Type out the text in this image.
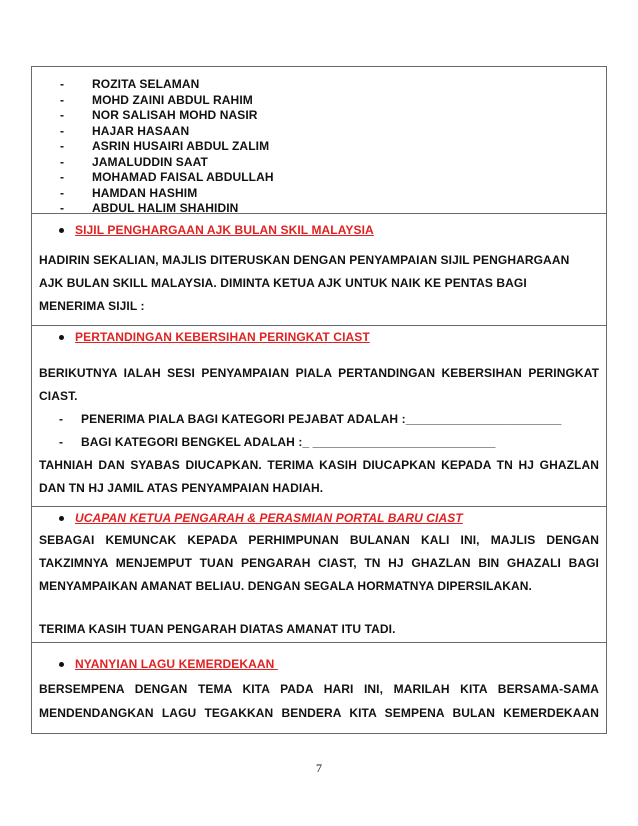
- ROZITA SELAMAN
- MOHD ZAINI ABDUL RAHIM
- NOR SALISAH MOHD NASIR
- HAJAR HASAAN
- ASRIN HUSAIRI ABDUL ZALIM
- JAMALUDDIN SAAT
- MOHAMAD FAISAL ABDULLAH
- HAMDAN HASHIM
- ABDUL HALIM SHAHIDIN
SIJIL PENGHARGAAN AJK BULAN SKIL MALAYSIA

HADIRIN SEKALIAN, MAJLIS DITERUSKAN DENGAN PENYAMPAIAN SIJIL PENGHARGAAN

AJK BULAN SKILL MALAYSIA. DIMINTA KETUA AJK UNTUK NAIK KE PENTAS BAGI

MENERIMA SIJIL :

PERTANDINGAN KEBERSIHAN PERINGKAT CIAST

BERIKUTNYA IALAH SESI PENYAMPAIAN PIALA PERTANDINGAN KEBERSIHAN PERINGKAT

CIAST.

- PENERIMA PIALA BAGI KATEGORI PEJABAT ADALAH :_______________________
- BAGI KATEGORI BENGKEL ADALAH :_ ___________________________

TAHNIAH DAN SYABAS DIUCAPKAN. TERIMA KASIH DIUCAPKAN KEPADA TN HJ GHAZLAN

DAN TN HJ JAMIL ATAS PENYAMPAIAN HADIAH.

UCAPAN KETUA PENGARAH & PERASMIAN PORTAL BARU CIAST

SEBAGAI KEMUNCAK KEPADA PERHIMPUNAN BULANAN KALI INI, MAJLIS DENGAN

TAKZIMNYA MENJEMPUT TUAN PENGARAH CIAST, TN HJ GHAZLAN BIN GHAZALI BAGI

MENYAMPAIKAN AMANAT BELIAU. DENGAN SEGALA HORMATNYA DIPERSILAKAN.

TERIMA KASIH TUAN PENGARAH DIATAS AMANAT ITU TADI.

NYANYIAN LAGU KEMERDEKAAN

BERSEMPENA DENGAN TEMA KITA PADA HARI INI, MARILAH KITA BERSAMA-SAMA

MENDENDANGKAN LAGU TEGAKKAN BENDERA KITA SEMPENA BULAN KEMERDEKAAN

7
